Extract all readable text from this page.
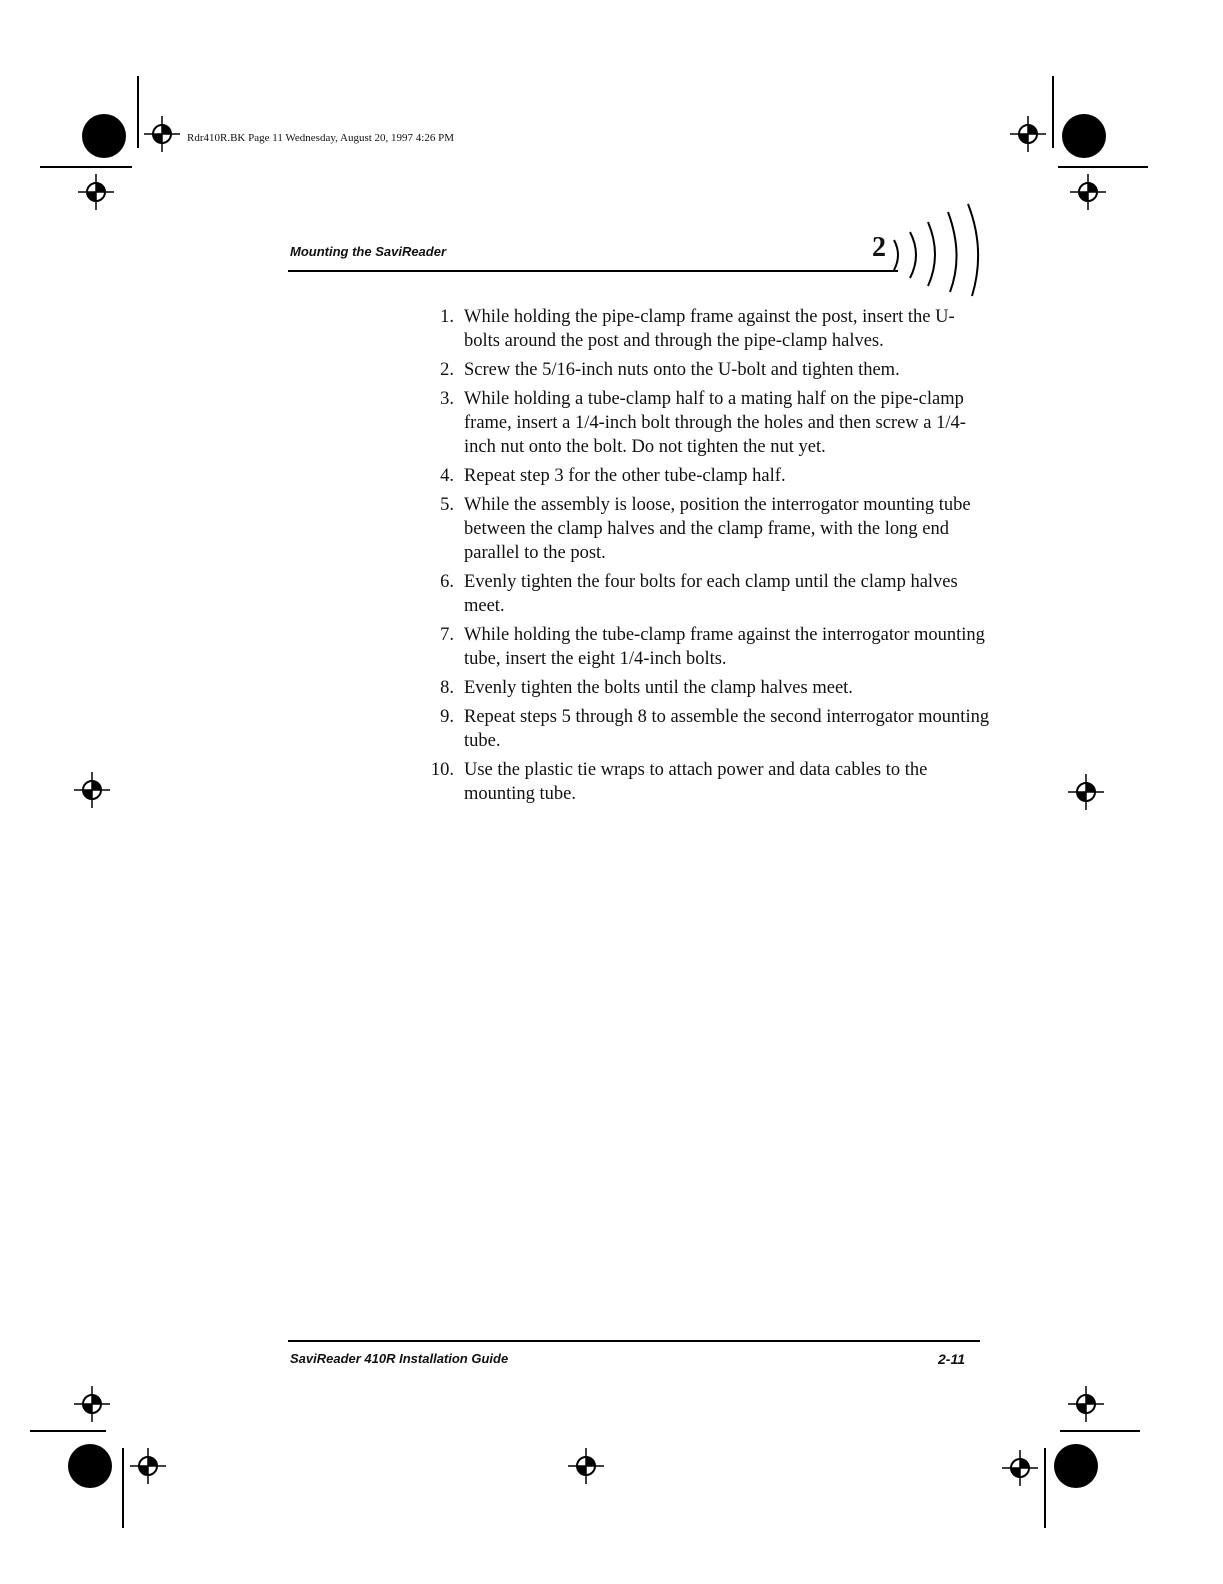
Rdr410R.BK Page 11 Wednesday, August 20, 1997 4:26 PM
Mounting the SaviReader	2
1. While holding the pipe-clamp frame against the post, insert the U-bolts around the post and through the pipe-clamp halves.
2. Screw the 5/16-inch nuts onto the U-bolt and tighten them.
3. While holding a tube-clamp half to a mating half on the pipe-clamp frame, insert a 1/4-inch bolt through the holes and then screw a 1/4-inch nut onto the bolt. Do not tighten the nut yet.
4. Repeat step 3 for the other tube-clamp half.
5. While the assembly is loose, position the interrogator mounting tube between the clamp halves and the clamp frame, with the long end parallel to the post.
6. Evenly tighten the four bolts for each clamp until the clamp halves meet.
7. While holding the tube-clamp frame against the interrogator mounting tube, insert the eight 1/4-inch bolts.
8. Evenly tighten the bolts until the clamp halves meet.
9. Repeat steps 5 through 8 to assemble the second interrogator mounting tube.
10. Use the plastic tie wraps to attach power and data cables to the mounting tube.
SaviReader 410R Installation Guide	2-11
